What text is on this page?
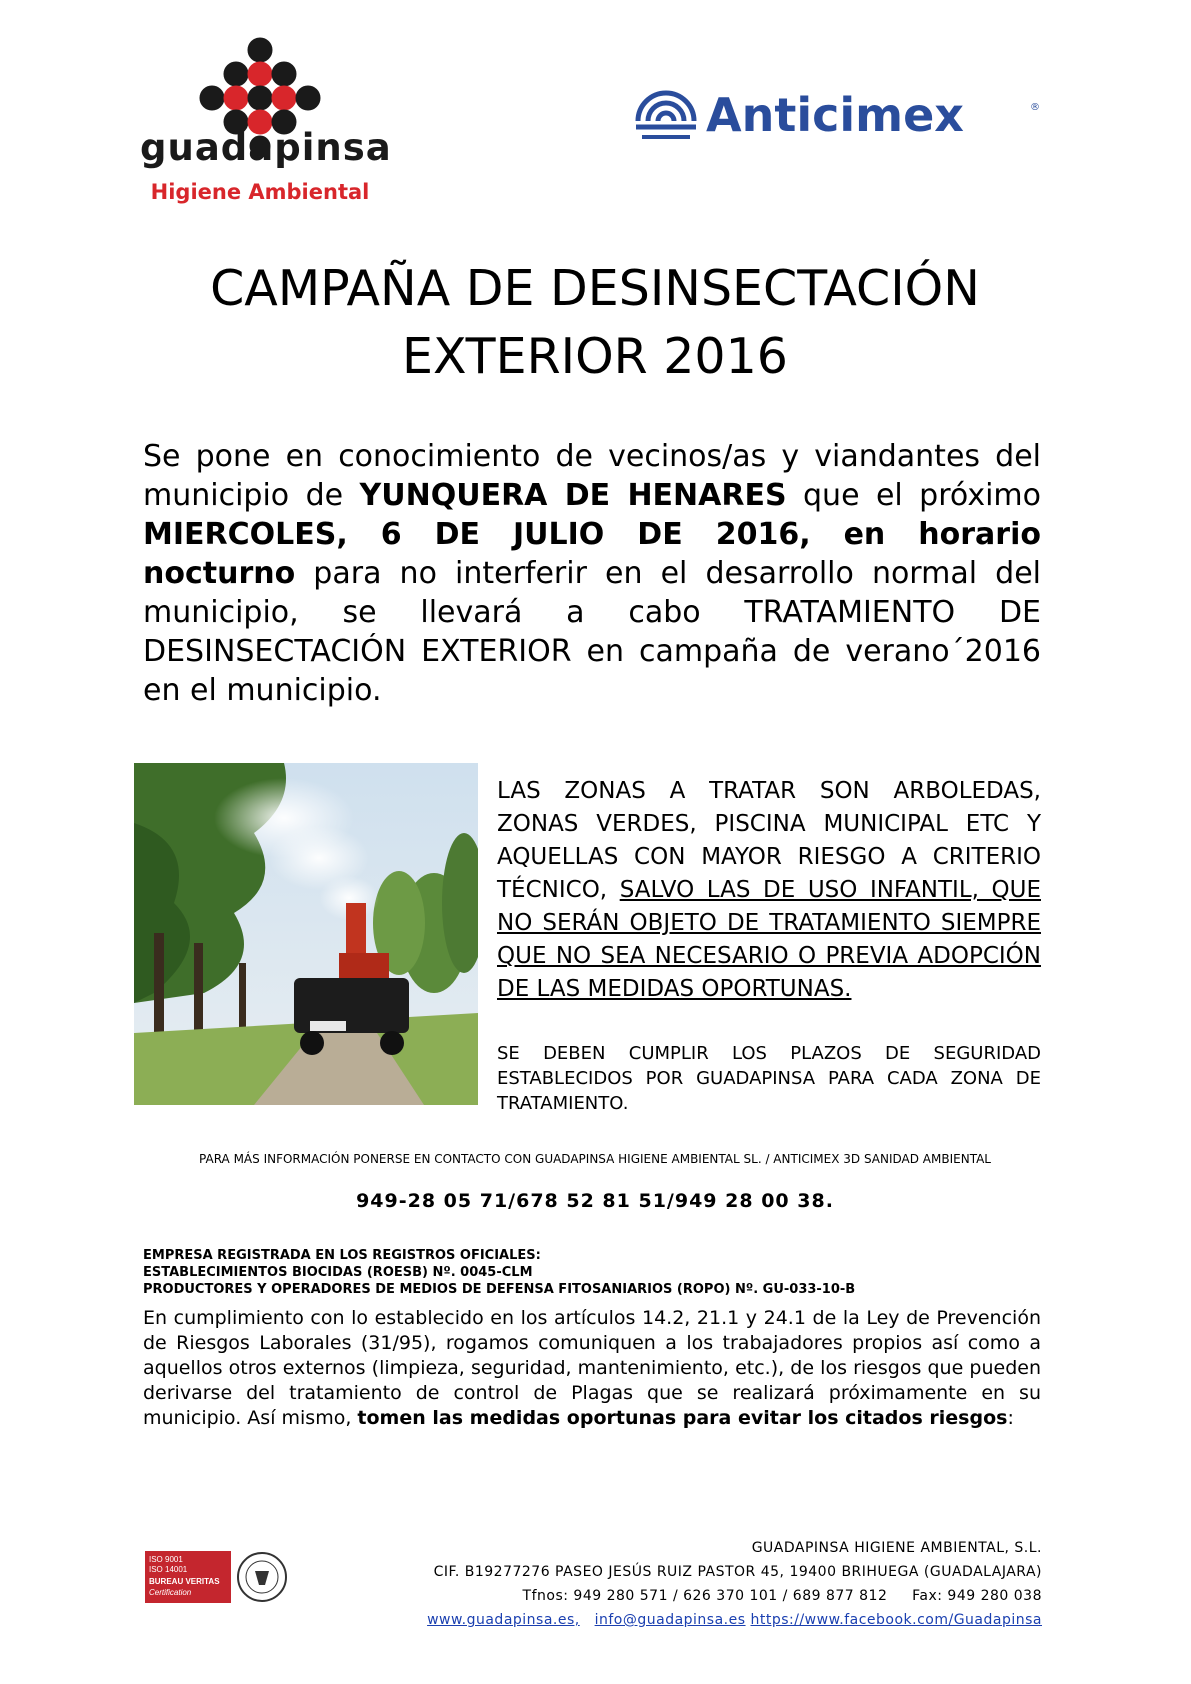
guadapinsa
Higiene Ambiental
Anticimex	®
CAMPAÑA DE DESINSECTACIÓN
EXTERIOR 2016
Se pone en conocimiento de vecinos/as y viandantes del municipio de YUNQUERA DE HENARES que el próximo MIERCOLES, 6 DE JULIO DE 2016, en horario nocturno para no interferir en el desarrollo normal del municipio, se llevará a cabo TRATAMIENTO DE DESINSECTACIÓN EXTERIOR en campaña de verano´2016 en el municipio.
LAS ZONAS A TRATAR SON ARBOLEDAS, ZONAS VERDES, PISCINA MUNICIPAL ETC Y AQUELLAS CON MAYOR RIESGO A CRITERIO TÉCNICO, SALVO LAS DE USO INFANTIL, QUE NO SERÁN OBJETO DE TRATAMIENTO SIEMPRE QUE NO SEA NECESARIO O PREVIA ADOPCIÓN DE LAS MEDIDAS OPORTUNAS.
SE DEBEN CUMPLIR LOS PLAZOS DE SEGURIDAD ESTABLECIDOS POR GUADAPINSA PARA CADA ZONA DE TRATAMIENTO.
PARA MÁS INFORMACIÓN PONERSE EN CONTACTO CON GUADAPINSA HIGIENE AMBIENTAL SL. / ANTICIMEX 3D SANIDAD AMBIENTAL
949-28 05 71/678 52 81 51/949 28 00 38.
EMPRESA REGISTRADA EN LOS REGISTROS OFICIALES:
ESTABLECIMIENTOS BIOCIDAS (ROESB) Nº. 0045-CLM
PRODUCTORES Y OPERADORES DE MEDIOS DE DEFENSA FITOSANIARIOS (ROPO) Nº. GU-033-10-B
En cumplimiento con lo establecido en los artículos 14.2, 21.1 y 24.1 de la Ley de Prevención de Riesgos Laborales (31/95), rogamos comuniquen a los trabajadores propios así como a aquellos otros externos (limpieza, seguridad, mantenimiento, etc.), de los riesgos que pueden derivarse del tratamiento de control de Plagas que se realizará próximamente en su municipio. Así mismo, tomen las medidas oportunas para evitar los citados riesgos:
ISO 9001
ISO 14001
BUREAU VERITAS
Certification
GUADAPINSA HIGIENE AMBIENTAL, S.L.
CIF. B19277276 PASEO JESÚS RUIZ PASTOR 45, 19400 BRIHUEGA (GUADALAJARA)
Tfnos: 949 280 571 / 626 370 101 / 689 877 812 Fax: 949 280 038
www.guadapinsa.es, info@guadapinsa.es https://www.facebook.com/Guadapinsa
